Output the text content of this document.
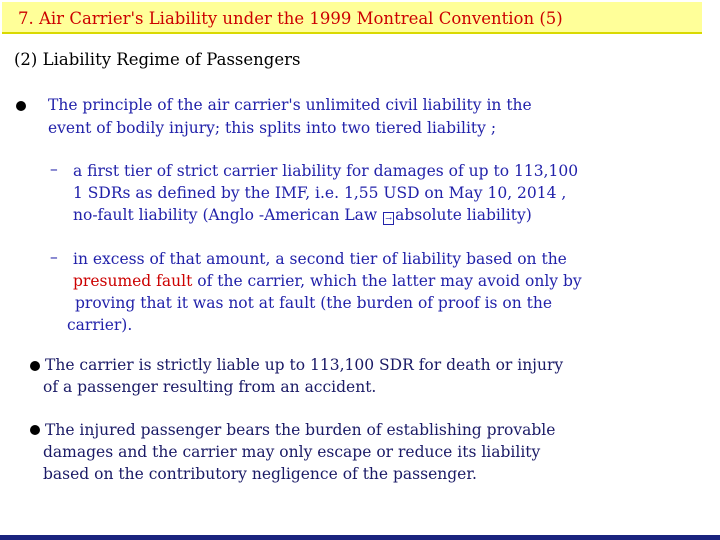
7. Air Carrier's Liability under the 1999 Montreal Convention (5)
(2) Liability Regime of Passengers
The principle of the air carrier's unlimited civil liability in the
event of bodily injury; this splits into two tiered liability ;
– a first tier of strict carrier liability for damages of up to 113,100
1 SDRs as defined by the IMF, i.e. 1,55 USD on May 10, 2014 ,
no-fault liability (Anglo -American Law → absolute liability)
– in excess of that amount, a second tier of liability based on the
presumed fault of the carrier, which the latter may avoid only by
proving that it was not at fault (the burden of proof is on the
carrier).
The carrier is strictly liable up to 113,100 SDR for death or injury
of a passenger resulting from an accident.
The injured passenger bears the burden of establishing provable
damages and the carrier may only escape or reduce its liability
based on the contributory negligence of the passenger.
